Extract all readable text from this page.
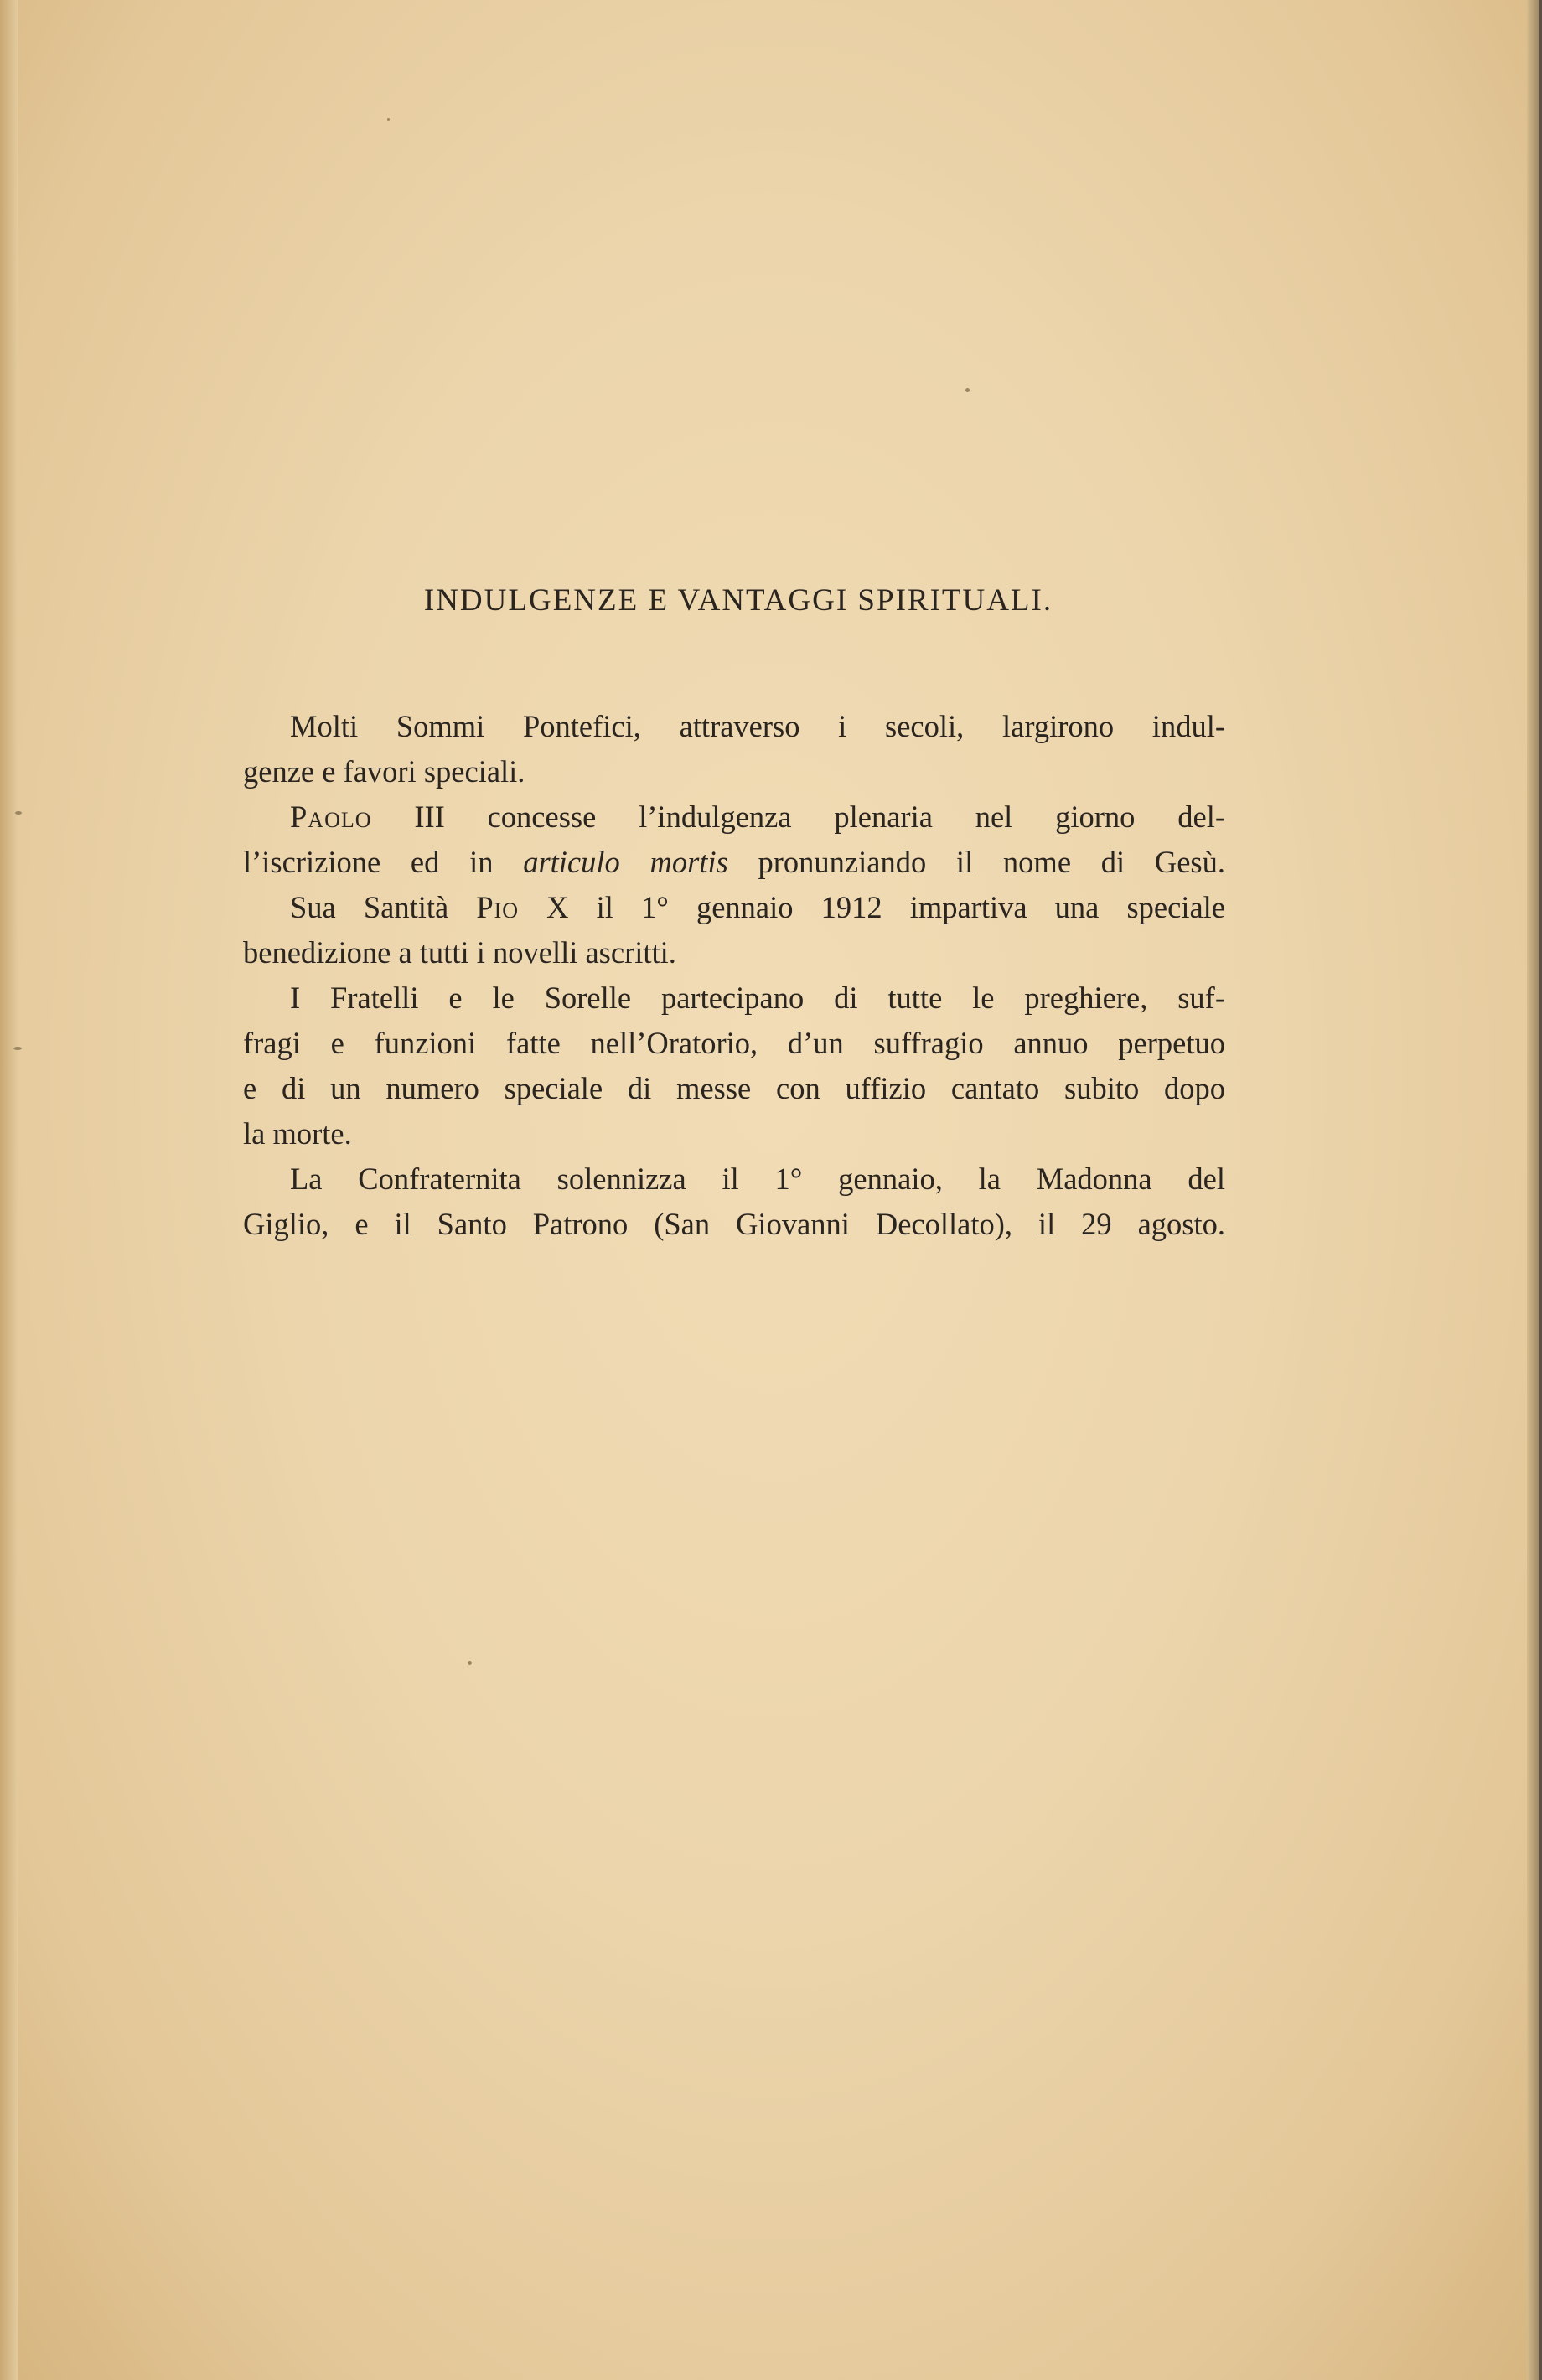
INDULGENZE E VANTAGGI SPIRITUALI.
Molti Sommi Pontefici, attraverso i secoli, largirono indul-
genze e favori speciali.
Paolo III concesse l’indulgenza plenaria nel giorno del-
l’iscrizione ed in articulo mortis pronunziando il nome di Gesù.
Sua Santità Pio X il 1° gennaio 1912 impartiva una speciale
benedizione a tutti i novelli ascritti.
I Fratelli e le Sorelle partecipano di tutte le preghiere, suf-
fragi e funzioni fatte nell’Oratorio, d’un suffragio annuo perpetuo
e di un numero speciale di messe con uffizio cantato subito dopo
la morte.
La Confraternita solennizza il 1° gennaio, la Madonna del
Giglio, e il Santo Patrono (San Giovanni Decollato), il 29 agosto.
